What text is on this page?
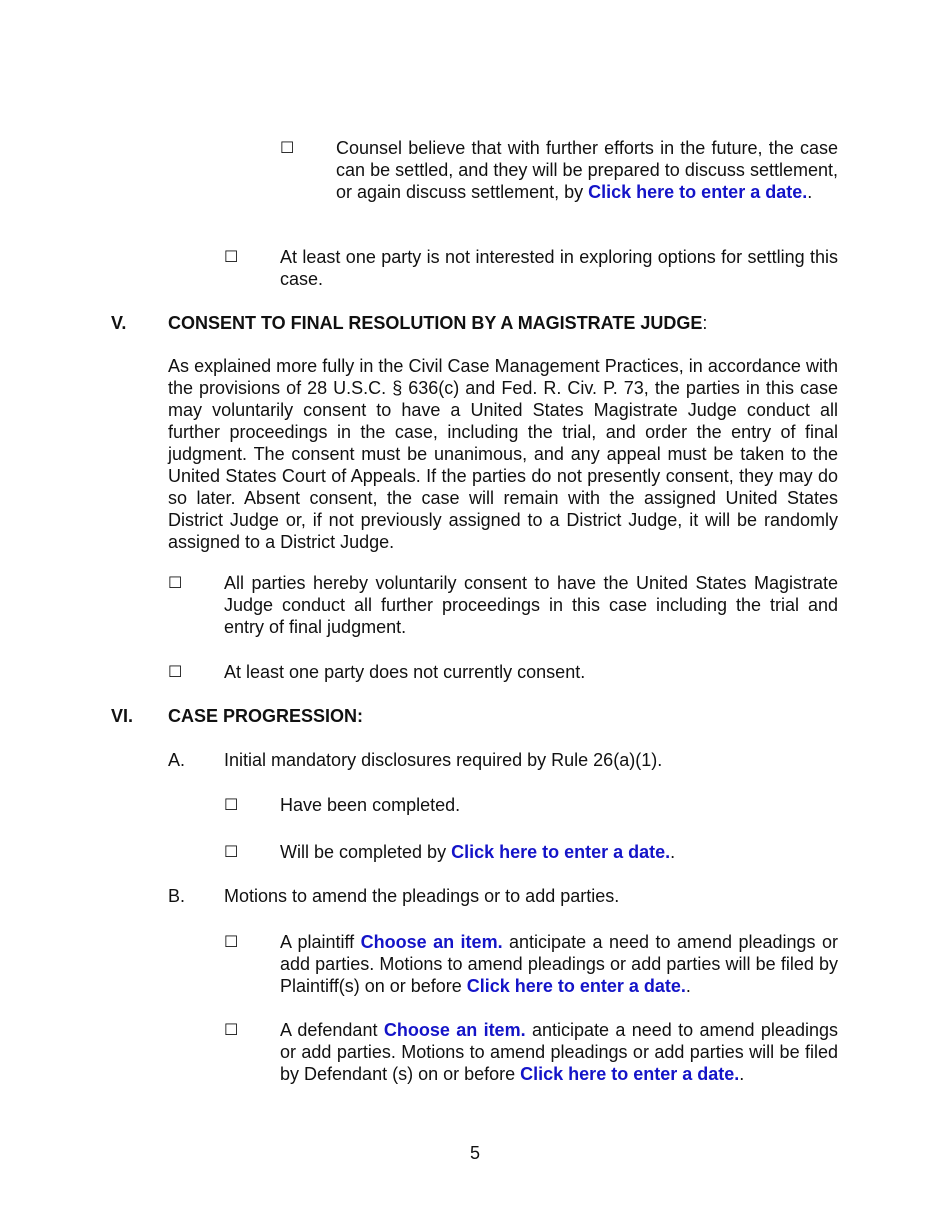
☐	Counsel believe that with further efforts in the future, the case can be settled, and they will be prepared to discuss settlement, or again discuss settlement, by Click here to enter a date..
☐	At least one party is not interested in exploring options for settling this case.
V.	CONSENT TO FINAL RESOLUTION BY A MAGISTRATE JUDGE:
As explained more fully in the Civil Case Management Practices, in accordance with the provisions of 28 U.S.C. § 636(c) and Fed. R. Civ. P. 73, the parties in this case may voluntarily consent to have a United States Magistrate Judge conduct all further proceedings in the case, including the trial, and order the entry of final judgment. The consent must be unanimous, and any appeal must be taken to the United States Court of Appeals. If the parties do not presently consent, they may do so later. Absent consent, the case will remain with the assigned United States District Judge or, if not previously assigned to a District Judge, it will be randomly assigned to a District Judge.
☐	All parties hereby voluntarily consent to have the United States Magistrate Judge conduct all further proceedings in this case including the trial and entry of final judgment.
☐	At least one party does not currently consent.
VI.	CASE PROGRESSION:
A.	Initial mandatory disclosures required by Rule 26(a)(1).
☐	Have been completed.
☐	Will be completed by Click here to enter a date..
B.	Motions to amend the pleadings or to add parties.
☐	A plaintiff Choose an item. anticipate a need to amend pleadings or add parties. Motions to amend pleadings or add parties will be filed by Plaintiff(s) on or before Click here to enter a date..
☐	A defendant Choose an item. anticipate a need to amend pleadings or add parties. Motions to amend pleadings or add parties will be filed by Defendant (s) on or before Click here to enter a date..
5
